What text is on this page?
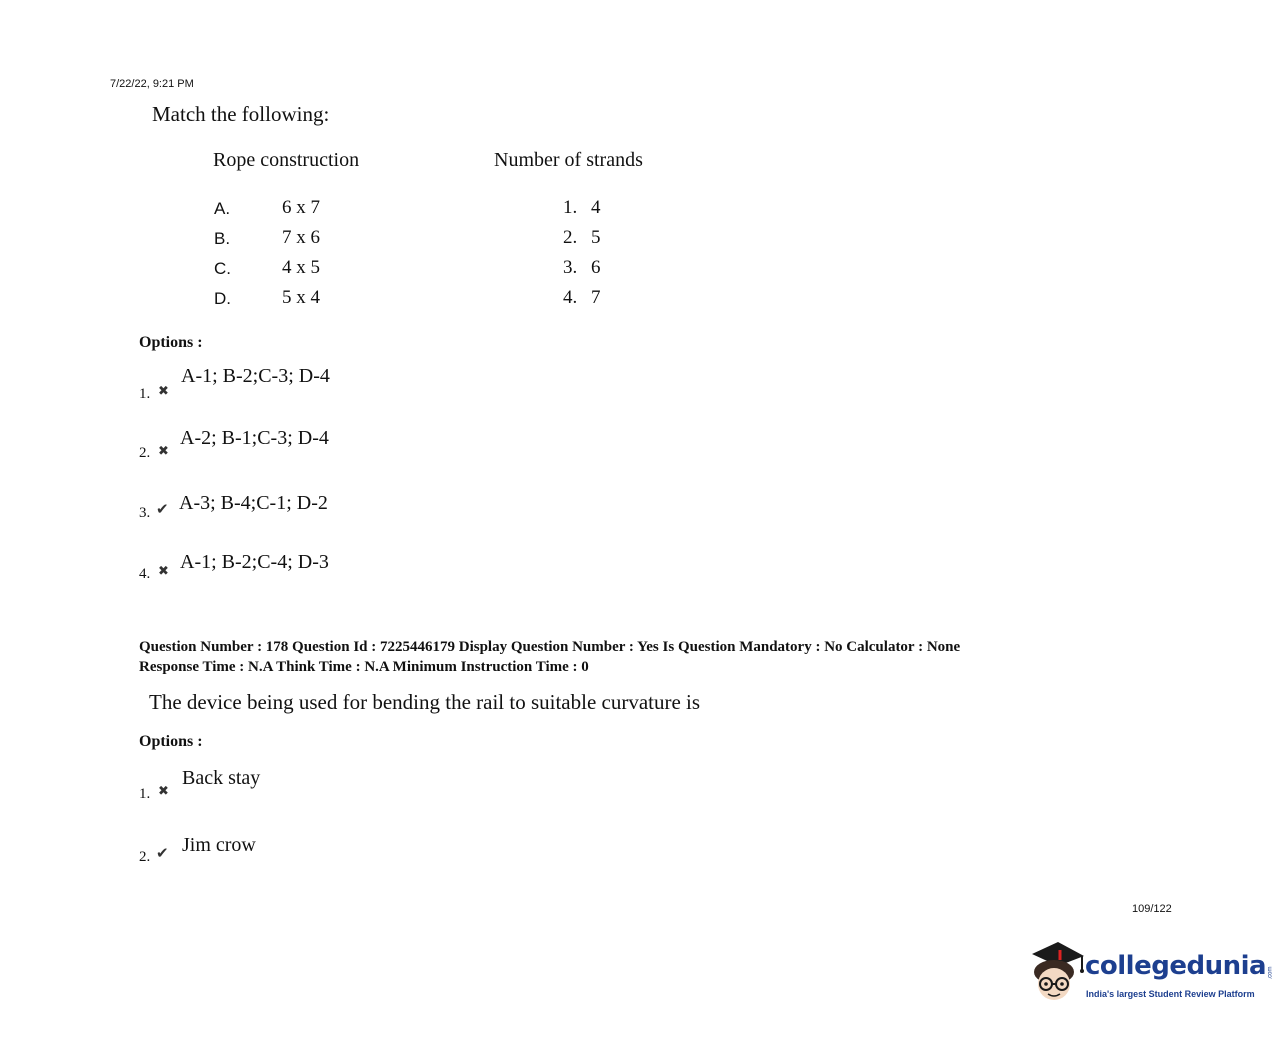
7/22/22, 9:21 PM
Match the following:
Rope construction	Number of strands
A.	6 x 7	1. 4
B.	7 x 6	2. 5
C.	4 x 5	3. 6
D.	5 x 4	4. 7
Options :
1. ✖
A-1; B-2;C-3; D-4
2. ✖
A-2; B-1;C-3; D-4
3. ✔ A-3; B-4;C-1; D-2
4. ✖ A-1; B-2;C-4; D-3
Question Number : 178 Question Id : 7225446179 Display Question Number : Yes Is Question Mandatory : No Calculator : None
Response Time : N.A Think Time : N.A Minimum Instruction Time : 0
The device being used for bending the rail to suitable curvature is
Options :
1. ✖
Back stay
2. ✔ Jim crow
109/122
collegedunia .com
India's largest Student Review Platform
